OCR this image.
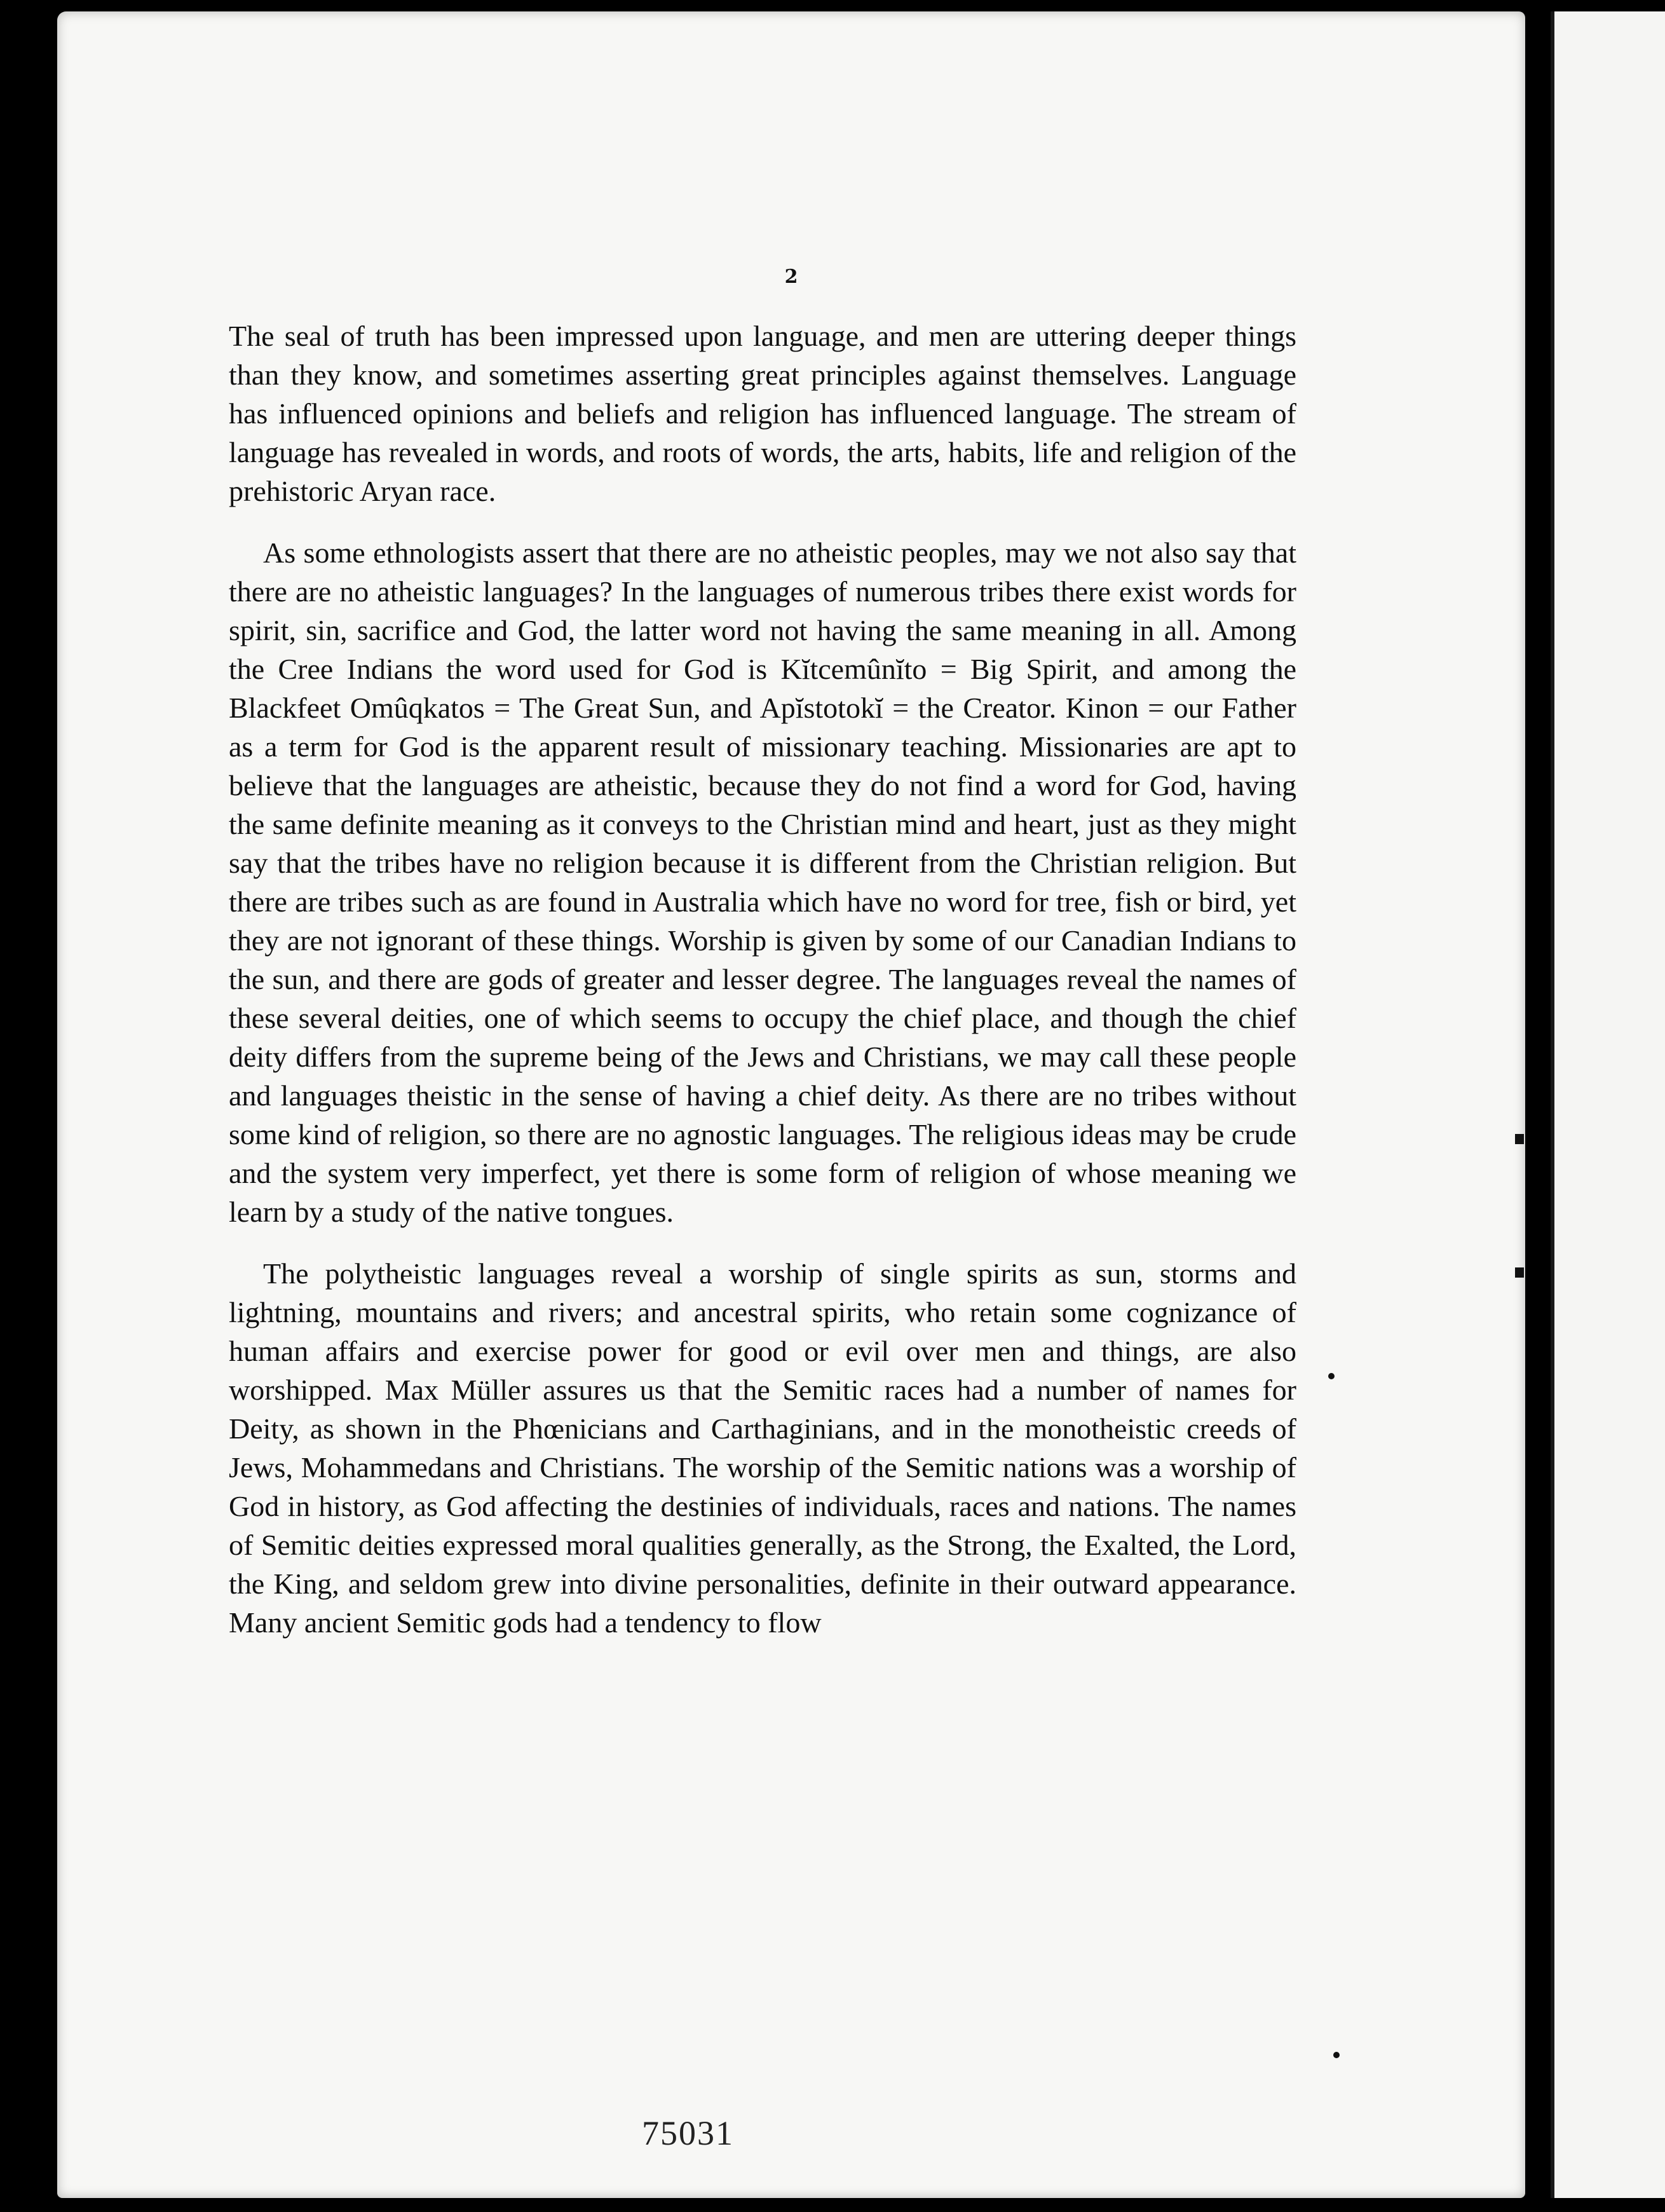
2

The seal of truth has been impressed upon language, and men are uttering deeper things than they know, and sometimes asserting great principles against themselves. Language has influenced opinions and beliefs and religion has influenced language. The stream of language has revealed in words, and roots of words, the arts, habits, life and religion of the prehistoric Aryan race.

As some ethnologists assert that there are no atheistic peoples, may we not also say that there are no atheistic languages? In the languages of numerous tribes there exist words for spirit, sin, sacrifice and God, the latter word not having the same meaning in all. Among the Cree Indians the word used for God is Kĭtcemûnĭto = Big Spirit, and among the Blackfeet Omûqkatos = The Great Sun, and Apĭstotokĭ = the Creator. Kinon = our Father as a term for God is the apparent result of missionary teaching. Missionaries are apt to believe that the languages are atheistic, because they do not find a word for God, having the same definite meaning as it conveys to the Christian mind and heart, just as they might say that the tribes have no religion because it is different from the Christian religion. But there are tribes such as are found in Australia which have no word for tree, fish or bird, yet they are not ignorant of these things. Worship is given by some of our Canadian Indians to the sun, and there are gods of greater and lesser degree. The languages reveal the names of these several deities, one of which seems to occupy the chief place, and though the chief deity differs from the supreme being of the Jews and Christians, we may call these people and languages theistic in the sense of having a chief deity. As there are no tribes without some kind of religion, so there are no agnostic languages. The religious ideas may be crude and the system very imperfect, yet there is some form of religion of whose meaning we learn by a study of the native tongues.

The polytheistic languages reveal a worship of single spirits as sun, storms and lightning, mountains and rivers; and ancestral spirits, who retain some cognizance of human affairs and exercise power for good or evil over men and things, are also worshipped. Max Müller assures us that the Semitic races had a number of names for Deity, as shown in the Phœnicians and Carthaginians, and in the monotheistic creeds of Jews, Mohammedans and Christians. The worship of the Semitic nations was a worship of God in history, as God affecting the destinies of individuals, races and nations. The names of Semitic deities expressed moral qualities generally, as the Strong, the Exalted, the Lord, the King, and seldom grew into divine personalities, definite in their outward appearance. Many ancient Semitic gods had a tendency to flow

75031
